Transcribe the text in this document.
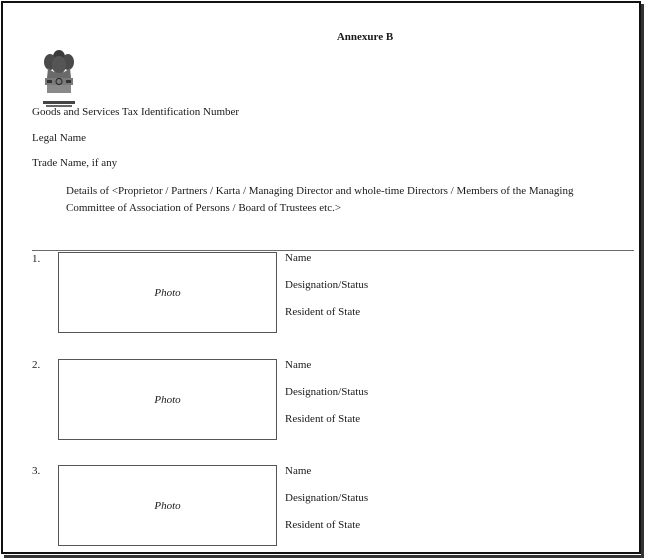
Annexure B
Goods and Services Tax Identification Number
Legal Name
Trade Name, if any
Details of <Proprietor / Partners / Karta / Managing Director and whole-time Directors / Members of the Managing Committee of Association of Persons / Board of Trustees etc.>
1.
Photo
Name
Designation/Status
Resident of State
2.
Photo
Name
Designation/Status
Resident of State
3.
Photo
Name
Designation/Status
Resident of State
